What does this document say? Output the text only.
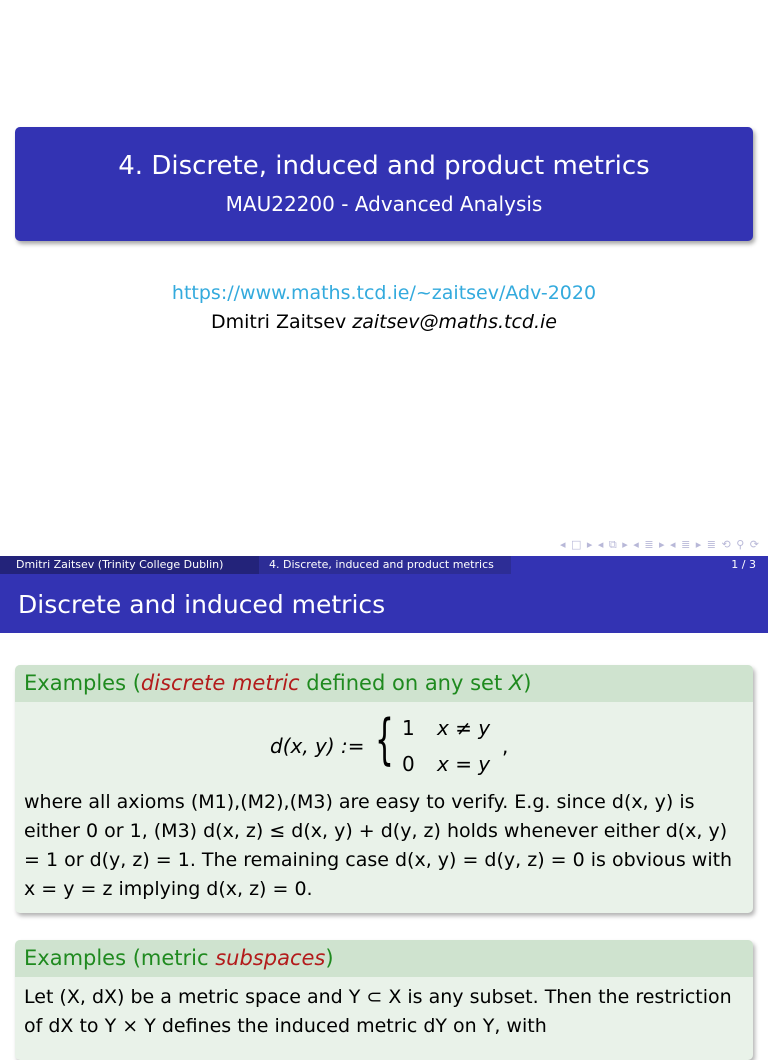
4. Discrete, induced and product metrics
MAU22200 - Advanced Analysis
https://www.maths.tcd.ie/~zaitsev/Adv-2020
Dmitri Zaitsev zaitsev@maths.tcd.ie
◂ □ ▸ ◂ ⧉ ▸ ◂ ≣ ▸ ◂ ≣ ▸ ≣ ⟲ ⚲ ⟳
Dmitri Zaitsev (Trinity College Dublin)	4. Discrete, induced and product metrics	1 / 3
Discrete and induced metrics
Examples (discrete metric defined on any set X)
d(x, y) := { 1 x ≠ y
0 x = y
,
where all axioms (M1),(M2),(M3) are easy to verify. E.g. since d(x, y) is either 0 or 1, (M3) d(x, z) ≤ d(x, y) + d(y, z) holds whenever either d(x, y) = 1 or d(y, z) = 1. The remaining case d(x, y) = d(y, z) = 0 is obvious with x = y = z implying d(x, z) = 0.
Examples (metric subspaces)
Let (X, dX) be a metric space and Y ⊂ X is any subset. Then the restriction of dX to Y × Y defines the induced metric dY on Y, with
